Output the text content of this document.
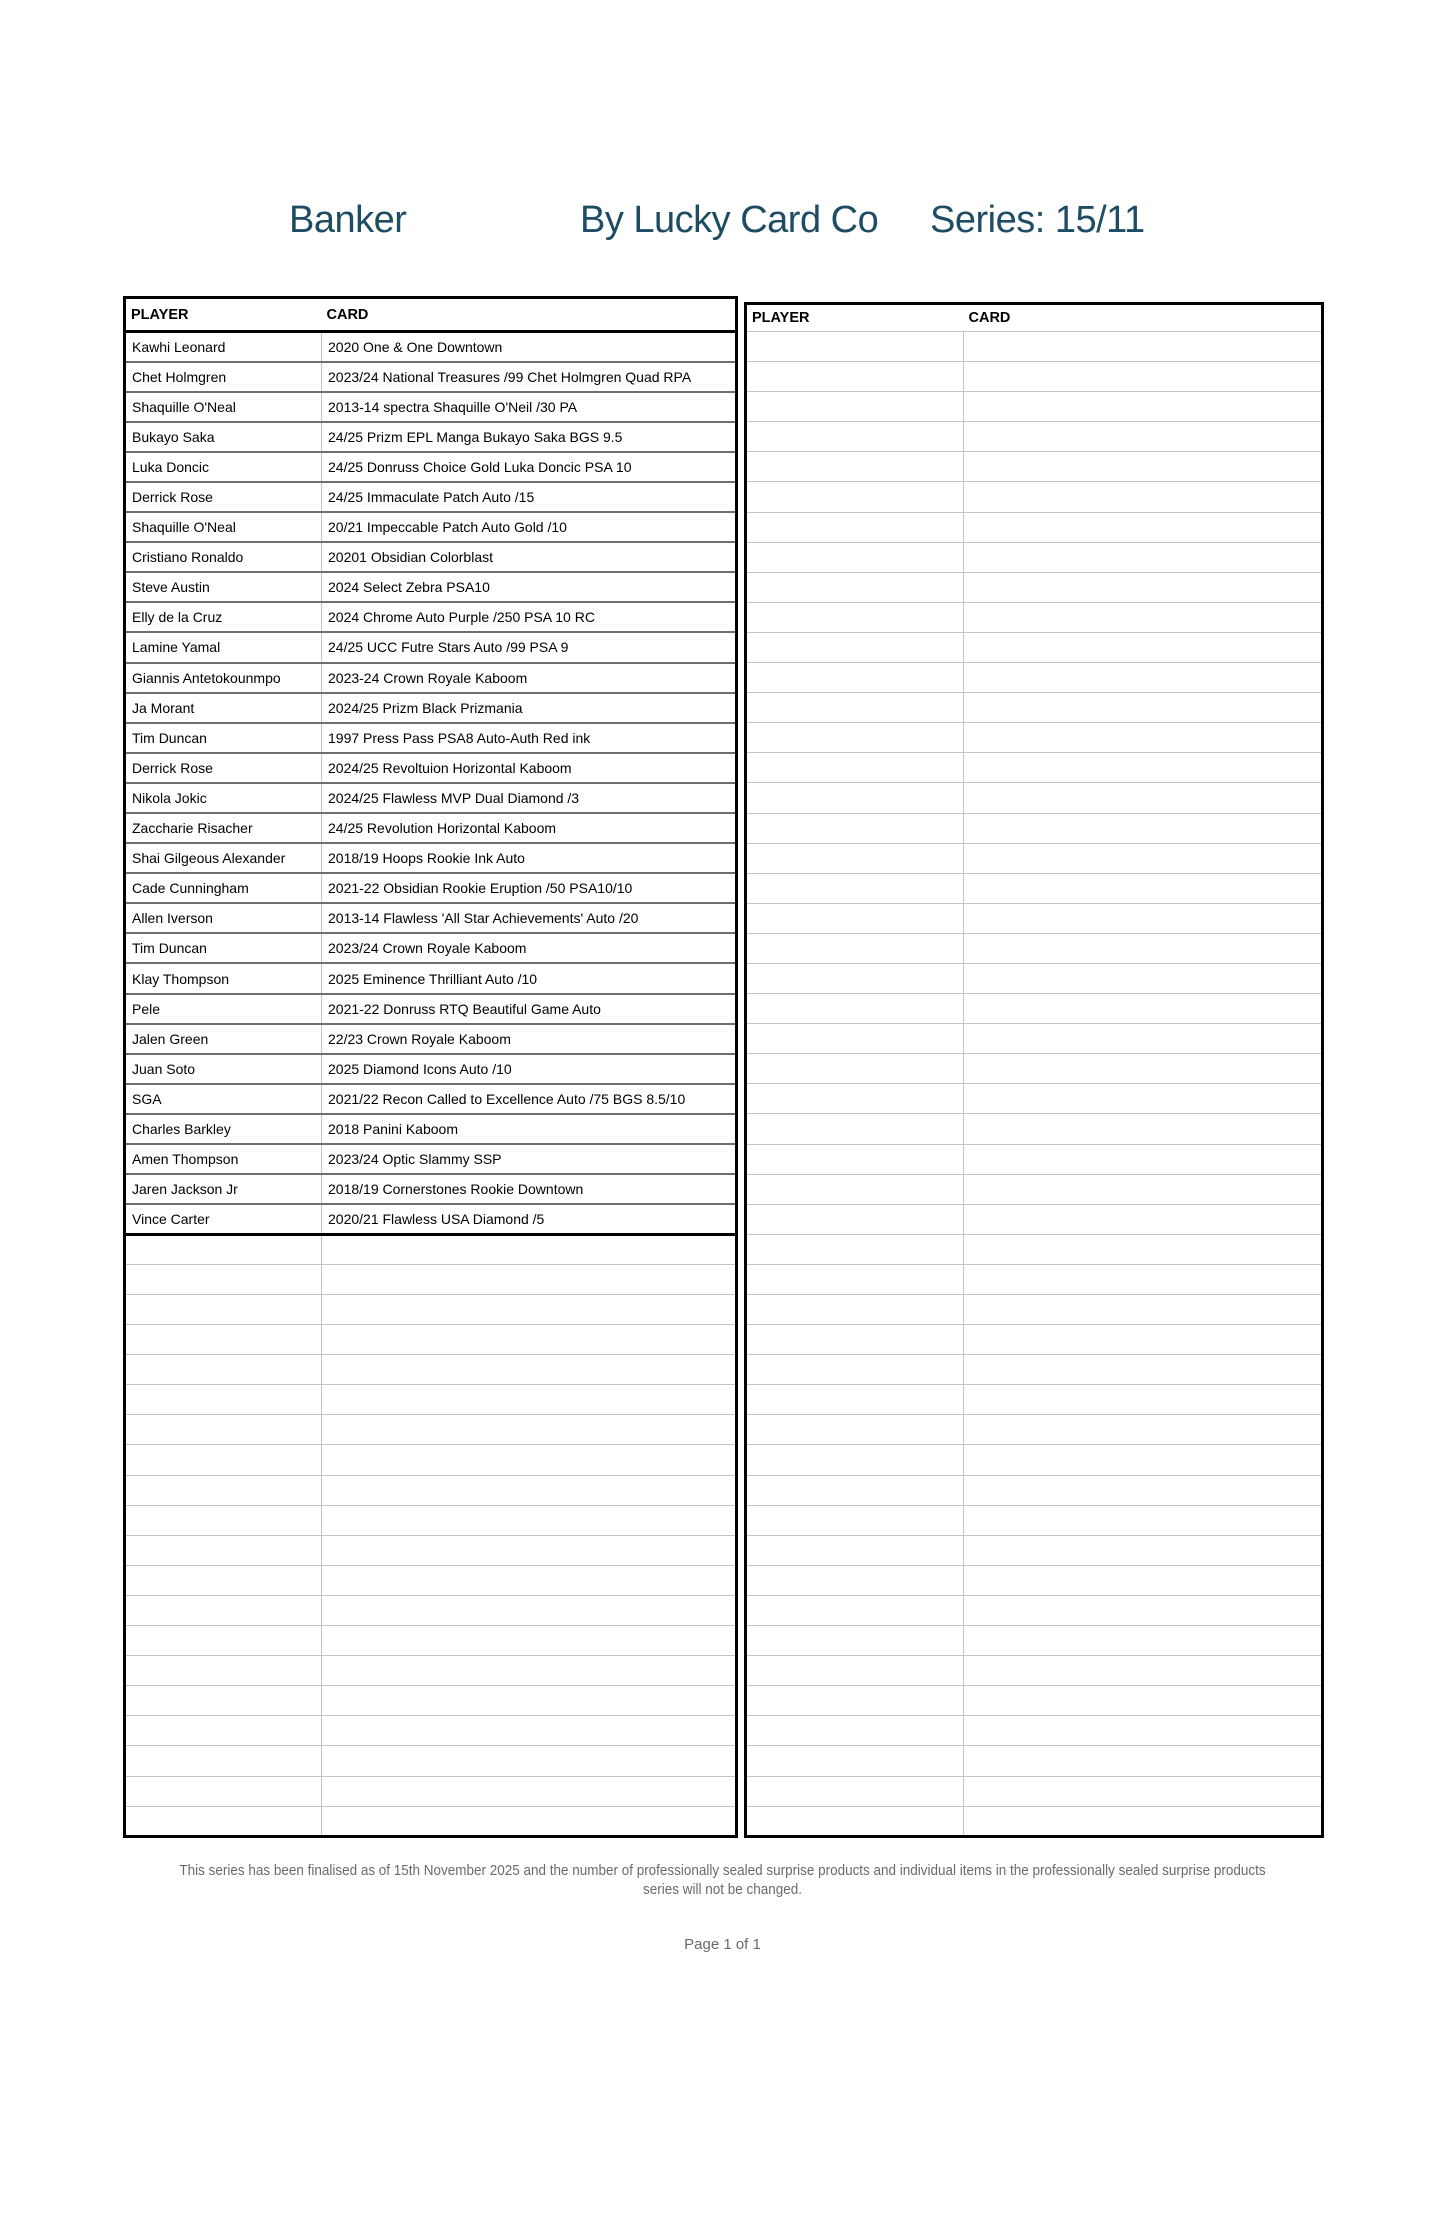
Banker	By Lucky Card Co Series: 15/11
PLAYER	CARD
Kawhi Leonard	2020 One & One Downtown
Chet Holmgren	2023/24 National Treasures /99 Chet Holmgren Quad RPA
Shaquille O'Neal	2013-14 spectra Shaquille O'Neil /30 PA
Bukayo Saka	24/25 Prizm EPL Manga Bukayo Saka BGS 9.5
Luka Doncic	24/25 Donruss Choice Gold Luka Doncic PSA 10
Derrick Rose	24/25 Immaculate Patch Auto /15
Shaquille O'Neal	20/21 Impeccable Patch Auto Gold /10
Cristiano Ronaldo	20201 Obsidian Colorblast
Steve Austin	2024 Select Zebra PSA10
Elly de la Cruz	2024 Chrome Auto Purple /250 PSA 10 RC
Lamine Yamal	24/25 UCC Futre Stars Auto /99 PSA 9
Giannis Antetokounmpo	2023-24 Crown Royale Kaboom
Ja Morant	2024/25 Prizm Black Prizmania
Tim Duncan	1997 Press Pass PSA8 Auto-Auth Red ink
Derrick Rose	2024/25 Revoltuion Horizontal Kaboom
Nikola Jokic	2024/25 Flawless MVP Dual Diamond /3
Zaccharie Risacher	24/25 Revolution Horizontal Kaboom
Shai Gilgeous Alexander	2018/19 Hoops Rookie Ink Auto
Cade Cunningham	2021-22 Obsidian Rookie Eruption /50 PSA10/10
Allen Iverson	2013-14 Flawless 'All Star Achievements' Auto /20
Tim Duncan	2023/24 Crown Royale Kaboom
Klay Thompson	2025 Eminence Thrilliant Auto /10
Pele	2021-22 Donruss RTQ Beautiful Game Auto
Jalen Green	22/23 Crown Royale Kaboom
Juan Soto	2025 Diamond Icons Auto /10
SGA	2021/22 Recon Called to Excellence Auto /75 BGS 8.5/10
Charles Barkley	2018 Panini Kaboom
Amen Thompson	2023/24 Optic Slammy SSP
Jaren Jackson Jr	2018/19 Cornerstones Rookie Downtown
Vince Carter	2020/21 Flawless USA Diamond /5

PLAYER	CARD

This series has been finalised as of 15th November 2025 and the number of professionally sealed surprise products and individual items in the professionally sealed surprise products
series will not be changed.
Page 1 of 1
